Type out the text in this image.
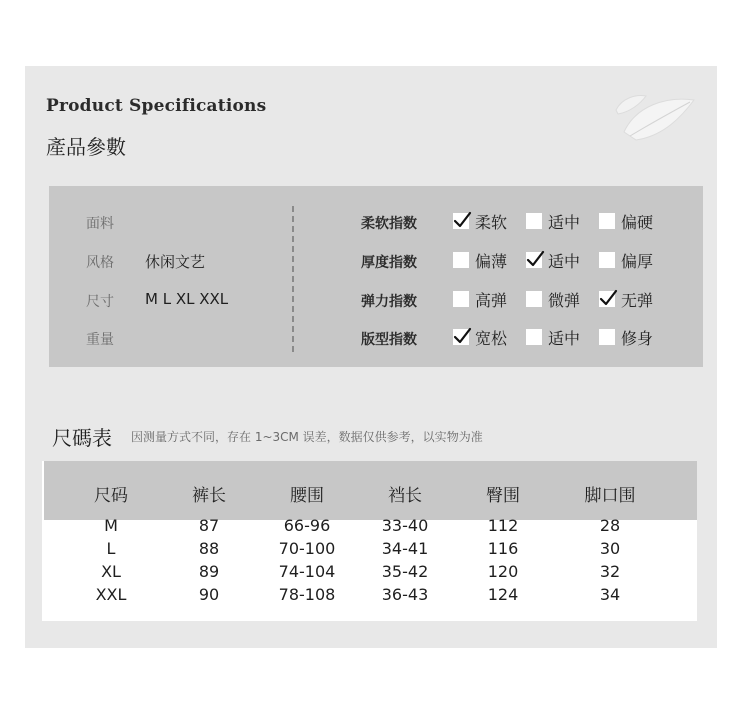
Product Specifications
產品參數
面料
风格 休闲文艺
尺寸 M L XL XXL
重量
柔软指数	柔软	适中	偏硬
厚度指数	偏薄	适中	偏厚
弹力指数	高弹	微弹	无弹
版型指数	宽松	适中	修身
尺碼表 因测量方式不同，存在 1~3CM 误差，数据仅供参考，以实物为准
尺码	裤长	腰围	裆长	臀围	脚口围
M	87	66-96	33-40	112	28
L	88	70-100	34-41	116	30
XL	89	74-104	35-42	120	32
XXL	90	78-108	36-43	124	34
